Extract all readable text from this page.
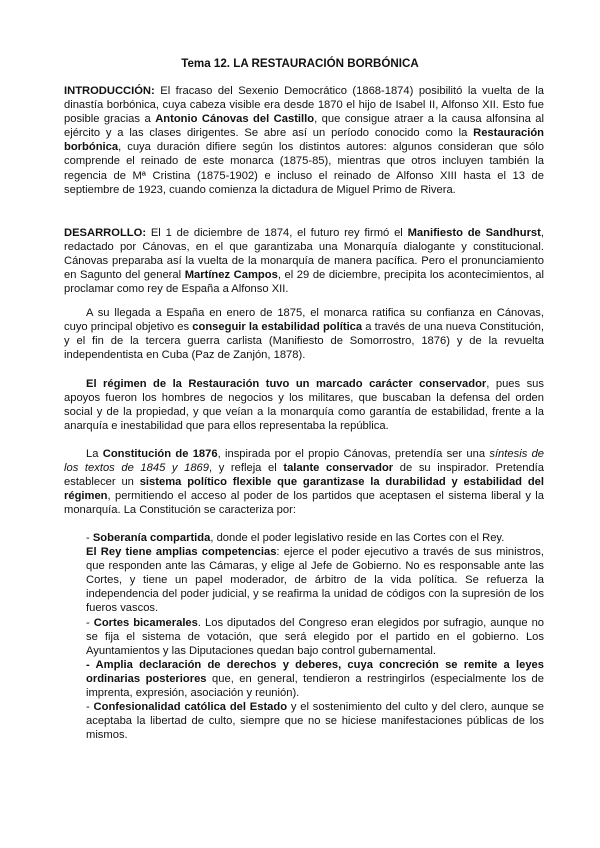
Tema 12. LA RESTAURACIÓN BORBÓNICA

INTRODUCCIÓN: El fracaso del Sexenio Democrático (1868-1874) posibilitó la vuelta de la dinastía borbónica, cuya cabeza visible era desde 1870 el hijo de Isabel II, Alfonso XII. Esto fue posible gracias a Antonio Cánovas del Castillo, que consigue atraer a la causa alfonsina al ejército y a las clases dirigentes. Se abre así un período conocido como la Restauración borbónica, cuya duración difiere según los distintos autores: algunos consideran que sólo comprende el reinado de este monarca (1875-85), mientras que otros incluyen también la regencia de Mª Cristina (1875-1902) e incluso el reinado de Alfonso XIII hasta el 13 de septiembre de 1923, cuando comienza la dictadura de Miguel Primo de Rivera.

DESARROLLO: El 1 de diciembre de 1874, el futuro rey firmó el Manifiesto de Sandhurst, redactado por Cánovas, en el que garantizaba una Monarquía dialogante y constitucional. Cánovas preparaba así la vuelta de la monarquía de manera pacífica. Pero el pronunciamiento en Sagunto del general Martínez Campos, el 29 de diciembre, precipita los acontecimientos, al proclamar como rey de España a Alfonso XII.

A su llegada a España en enero de 1875, el monarca ratifica su confianza en Cánovas, cuyo principal objetivo es conseguir la estabilidad política a través de una nueva Constitución, y el fin de la tercera guerra carlista (Manifiesto de Somorrostro, 1876) y de la revuelta independentista en Cuba (Paz de Zanjón, 1878).

El régimen de la Restauración tuvo un marcado carácter conservador, pues sus apoyos fueron los hombres de negocios y los militares, que buscaban la defensa del orden social y de la propiedad, y que veían a la monarquía como garantía de estabilidad, frente a la anarquía e inestabilidad que para ellos representaba la república.

La Constitución de 1876, inspirada por el propio Cánovas, pretendía ser una síntesis de los textos de 1845 y 1869, y refleja el talante conservador de su inspirador. Pretendía establecer un sistema político flexible que garantizase la durabilidad y estabilidad del régimen, permitiendo el acceso al poder de los partidos que aceptasen el sistema liberal y la monarquía. La Constitución se caracteriza por:

- Soberanía compartida, donde el poder legislativo reside en las Cortes con el Rey.
El Rey tiene amplias competencias: ejerce el poder ejecutivo a través de sus ministros, que responden ante las Cámaras, y elige al Jefe de Gobierno. No es responsable ante las Cortes, y tiene un papel moderador, de árbitro de la vida política. Se refuerza la independencia del poder judicial, y se reafirma la unidad de códigos con la supresión de los fueros vascos.
- Cortes bicamerales. Los diputados del Congreso eran elegidos por sufragio, aunque no se fija el sistema de votación, que será elegido por el partido en el gobierno. Los Ayuntamientos y las Diputaciones quedan bajo control gubernamental.
- Amplia declaración de derechos y deberes, cuya concreción se remite a leyes ordinarias posteriores que, en general, tendieron a restringirlos (especialmente los de imprenta, expresión, asociación y reunión).
- Confesionalidad católica del Estado y el sostenimiento del culto y del clero, aunque se aceptaba la libertad de culto, siempre que no se hiciese manifestaciones públicas de los mismos.
